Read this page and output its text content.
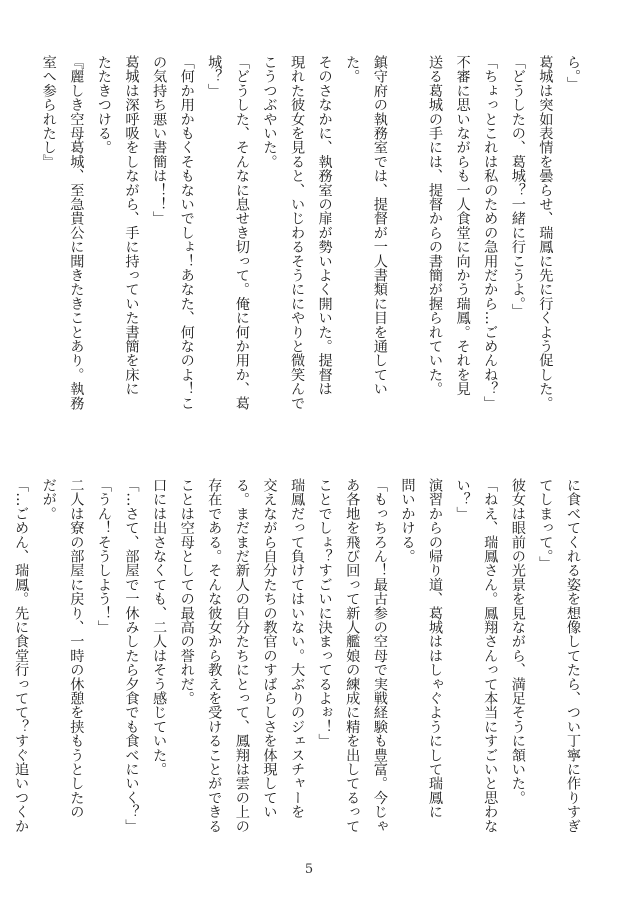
ら。」
葛城は突如表情を曇らせ、瑞鳳に先に行くよう促した。
「どうしたの、葛城？一緒に行こうよ。」
「ちょっとこれは私のための急用だから…ごめんね？」
不審に思いながらも一人食堂に向かう瑞鳳。それを見
送る葛城の手には、提督からの書簡が握られていた。
鎮守府の執務室では、提督が一人書類に目を通してい
た。
そのさなかに、執務室の扉が勢いよく開いた。提督は
現れた彼女を見ると、いじわるそうににやりと微笑んで
こうつぶやいた。
「どうした、そんなに息せき切って。俺に何か用か、葛
城？」
「何か用かもくそもないでしょ！あなた、何なのよ！こ
の気持ち悪い書簡は！！」
葛城は深呼吸をしながら、手に持っていた書簡を床に
たたきつける。
『麗しき空母葛城、至急貴公に聞きたきことあり。執務
室へ参られたし』
に食べてくれる姿を想像してたら、つい丁寧に作りすぎ
てしまって。」
彼女は眼前の光景を見ながら、満足そうに頷いた。
「ねえ、瑞鳳さん。鳳翔さんって本当にすごいと思わな
い？」
演習からの帰り道、葛城ははしゃぐようにして瑞鳳に
問いかける。
「もっちろん！最古参の空母で実戦経験も豊富。今じゃ
あ各地を飛び回って新人艦娘の練成に精を出してるって
ことでしょ？すごいに決まってるよぉ！」
瑞鳳だって負けてはいない。大ぶりのジェスチャーを
交えながら自分たちの教官のすばらしさを体現してい
る。まだまだ新人の自分たちにとって、鳳翔は雲の上の
存在である。そんな彼女から教えを受けることができる
ことは空母としての最高の誉れだ。
口には出さなくても、二人はそう感じていた。
「…さて、部屋で一休みしたら夕食でも食べにいく？」
「うん！そうしよう！」
二人は寮の部屋に戻り、一時の休憩を挟もうとしたの
だが。
「…ごめん、瑞鳳。先に食堂行ってて？すぐ追いつくか
5
